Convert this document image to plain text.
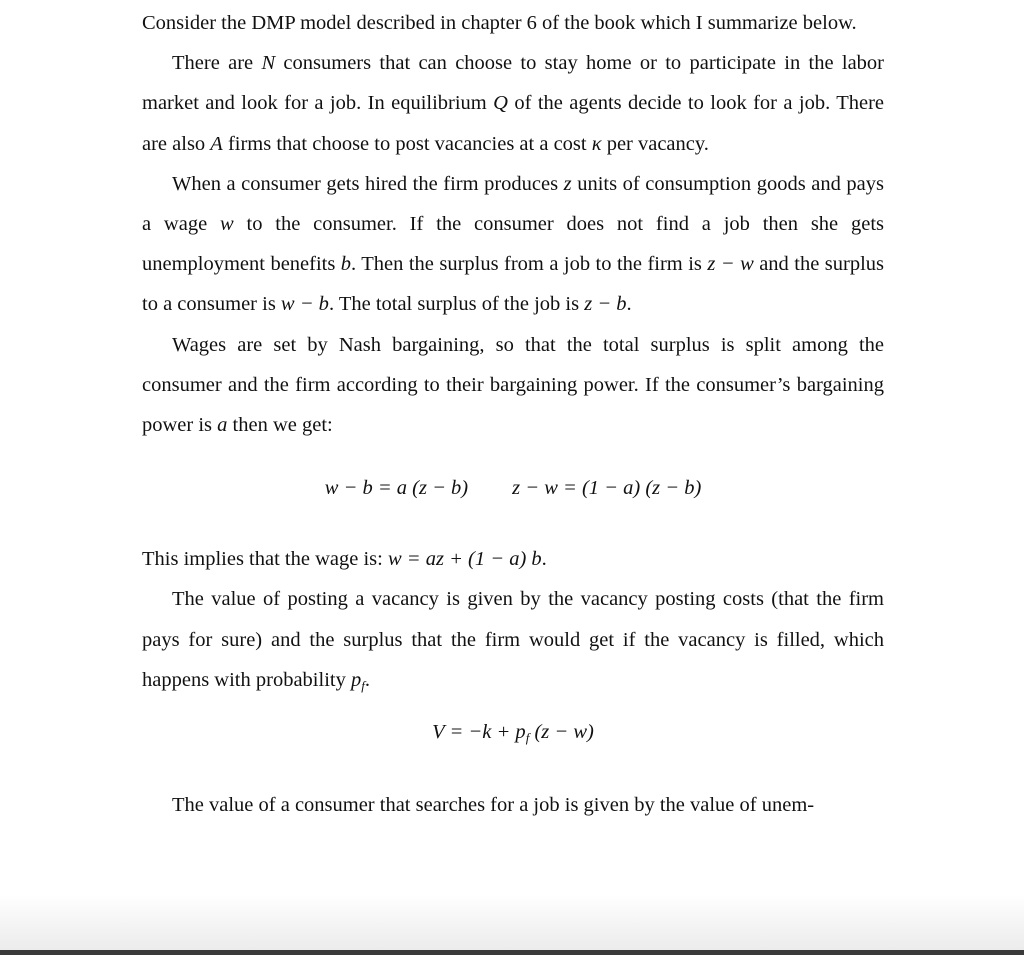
Consider the DMP model described in chapter 6 of the book which I summarize below.

There are N consumers that can choose to stay home or to participate in the labor market and look for a job. In equilibrium Q of the agents decide to look for a job. There are also A firms that choose to post vacancies at a cost κ per vacancy.

When a consumer gets hired the firm produces z units of consumption goods and pays a wage w to the consumer. If the consumer does not find a job then she gets unemployment benefits b. Then the surplus from a job to the firm is z − w and the surplus to a consumer is w − b. The total surplus of the job is z − b.

Wages are set by Nash bargaining, so that the total surplus is split among the consumer and the firm according to their bargaining power. If the consumer’s bargaining power is a then we get:

w − b = a (z − b) z − w = (1 − a) (z − b)

This implies that the wage is: w = az + (1 − a) b.

The value of posting a vacancy is given by the vacancy posting costs (that the firm pays for sure) and the surplus that the firm would get if the vacancy is filled, which happens with probability $p_f$.

$V = -k + p_f$ (z − w)

The value of a consumer that searches for a job is given by the value of unem-
